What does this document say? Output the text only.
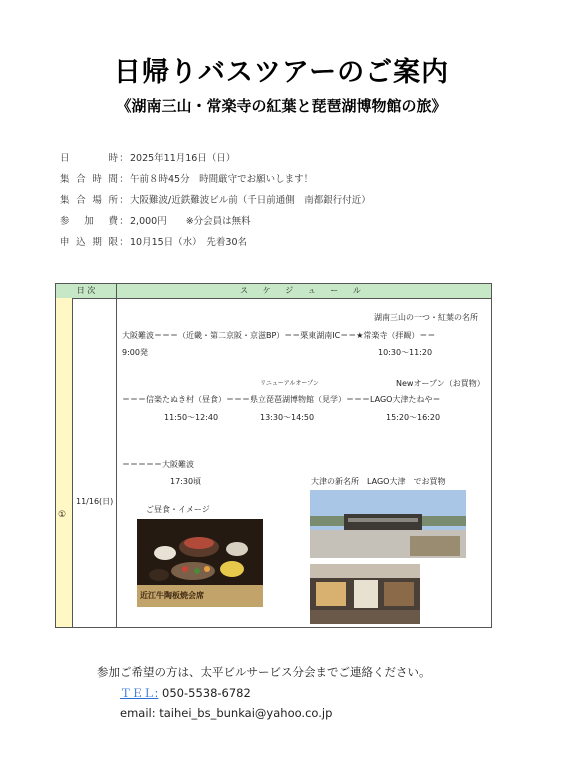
日帰りバスツアーのご案内
《湖南三山・常楽寺の紅葉と琵琶湖博物館の旅》
日	時 ： 2025年11月16日（日）
集 合 時 間 ： 午前８時45分　時間厳守でお願いします！
集 合 場 所 ： 大阪難波/近鉄難波ビル前（千日前通側　南都銀行付近）
参 加 費 ： 2,000円　　※分会員は無料
申 込 期 限 ： 10月15日（水）　先着30名
日 次	ス ケ ジ ュ ー ル
①
11/16(日)
湖南三山の一つ・紅葉の名所
大阪難波＝＝＝（近畿・第二京阪・京滋BP）＝＝栗東湖南IC＝＝★常楽寺（拝観）＝＝
9:00発	10:30〜11:20
リニューアルオープン	Newオープン（お買物）
＝＝＝信楽たぬき村（昼食）＝＝＝県立琵琶湖博物館（見学）＝＝＝LAGO大津たねや＝
11:50〜12:40	13:30〜14:50	15:20〜16:20
＝＝＝＝＝大阪難波
17:30頃	大津の新名所　LAGO大津　でお買物
ご昼食・イメージ
近江牛陶板焼会席
参加ご希望の方は、太平ビルサービス分会までご連絡ください。
ＴＥＬ: 050-5538-6782
email: taihei_bs_bunkai@yahoo.co.jp
